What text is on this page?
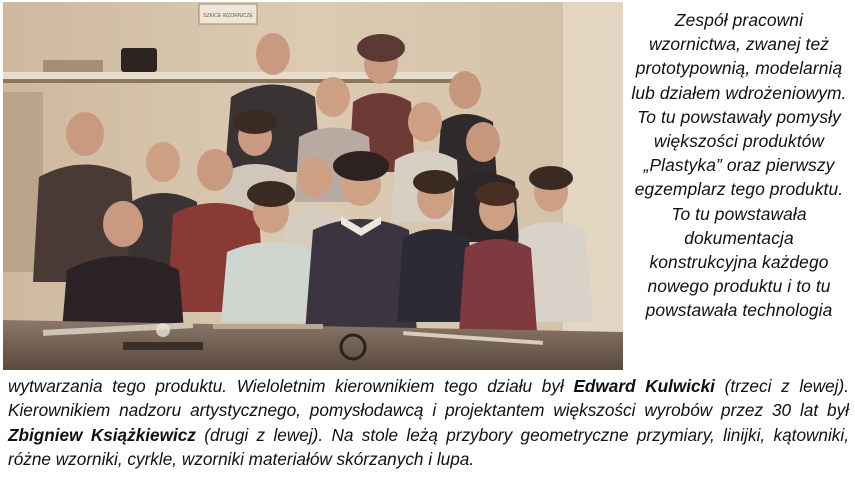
SZKICE WZORNICZE	Zespół pracowni wzornictwa, zwanej też prototypownią, modelarnią lub działem wdrożeniowym. To tu powstawały pomysły większości produktów „Plastyka” oraz pierwszy egzemplarz tego produktu. To tu powstawała dokumentacja konstrukcyjna każdego nowego produktu i to tu powstawała technologia
wytwarzania tego produktu. Wieloletnim kierownikiem tego działu był Edward Kulwicki (trzeci z lewej). Kierownikiem nadzoru artystycznego, pomysłodawcą i projektantem większości wyrobów przez 30 lat był Zbigniew Książkiewicz (drugi z lewej). Na stole leżą przybory geometryczne przymiary, linijki, kątowniki, różne wzorniki, cyrkle, wzorniki materiałów skórzanych i lupa.
